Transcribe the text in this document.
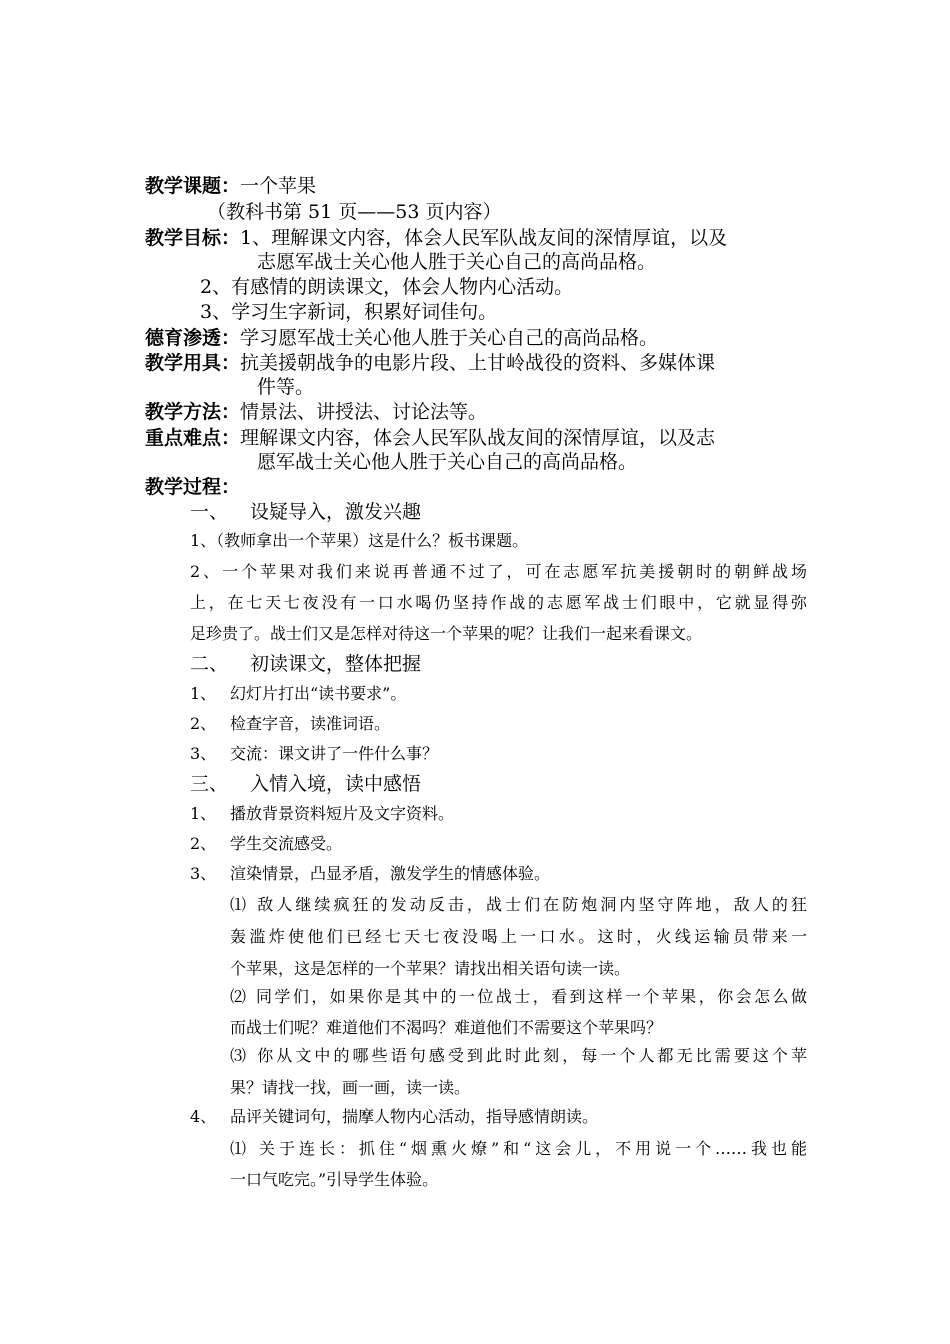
教学课题：一个苹果
（教科书第 51 页——53 页内容）
教学目标：1、理解课文内容，体会人民军队战友间的深情厚谊，以及
志愿军战士关心他人胜于关心自己的高尚品格。
2、有感情的朗读课文，体会人物内心活动。
3、学习生字新词，积累好词佳句。
德育渗透：学习愿军战士关心他人胜于关心自己的高尚品格。
教学用具：抗美援朝战争的电影片段、上甘岭战役的资料、多媒体课
件等。
教学方法：情景法、讲授法、讨论法等。
重点难点：理解课文内容，体会人民军队战友间的深情厚谊，以及志
愿军战士关心他人胜于关心自己的高尚品格。
教学过程：
一、 设疑导入，激发兴趣
1、（教师拿出一个苹果）这是什么？板书课题。
2、一个苹果对我们来说再普通不过了，可在志愿军抗美援朝时的朝鲜战场
上，在七天七夜没有一口水喝仍坚持作战的志愿军战士们眼中，它就显得弥
足珍贵了。战士们又是怎样对待这一个苹果的呢？让我们一起来看课文。
二、 初读课文，整体把握
1、 幻灯片打出“读书要求”。
2、 检查字音，读准词语。
3、 交流：课文讲了一件什么事？
三、 入情入境，读中感悟
1、 播放背景资料短片及文字资料。
2、 学生交流感受。
3、 渲染情景，凸显矛盾，激发学生的情感体验。
⑴ 敌人继续疯狂的发动反击，战士们在防炮洞内坚守阵地，敌人的狂
轰滥炸使他们已经七天七夜没喝上一口水。这时，火线运输员带来一
个苹果，这是怎样的一个苹果？请找出相关语句读一读。
⑵ 同学们，如果你是其中的一位战士，看到这样一个苹果，你会怎么做
而战士们呢？难道他们不渴吗？难道他们不需要这个苹果吗？
⑶ 你从文中的哪些语句感受到此时此刻，每一个人都无比需要这个苹
果？请找一找，画一画，读一读。
4、 品评关键词句，揣摩人物内心活动，指导感情朗读。
⑴ 关于连长：抓住“烟熏火燎”和“这会儿，不用说一个……我也能
一口气吃完。”引导学生体验。
